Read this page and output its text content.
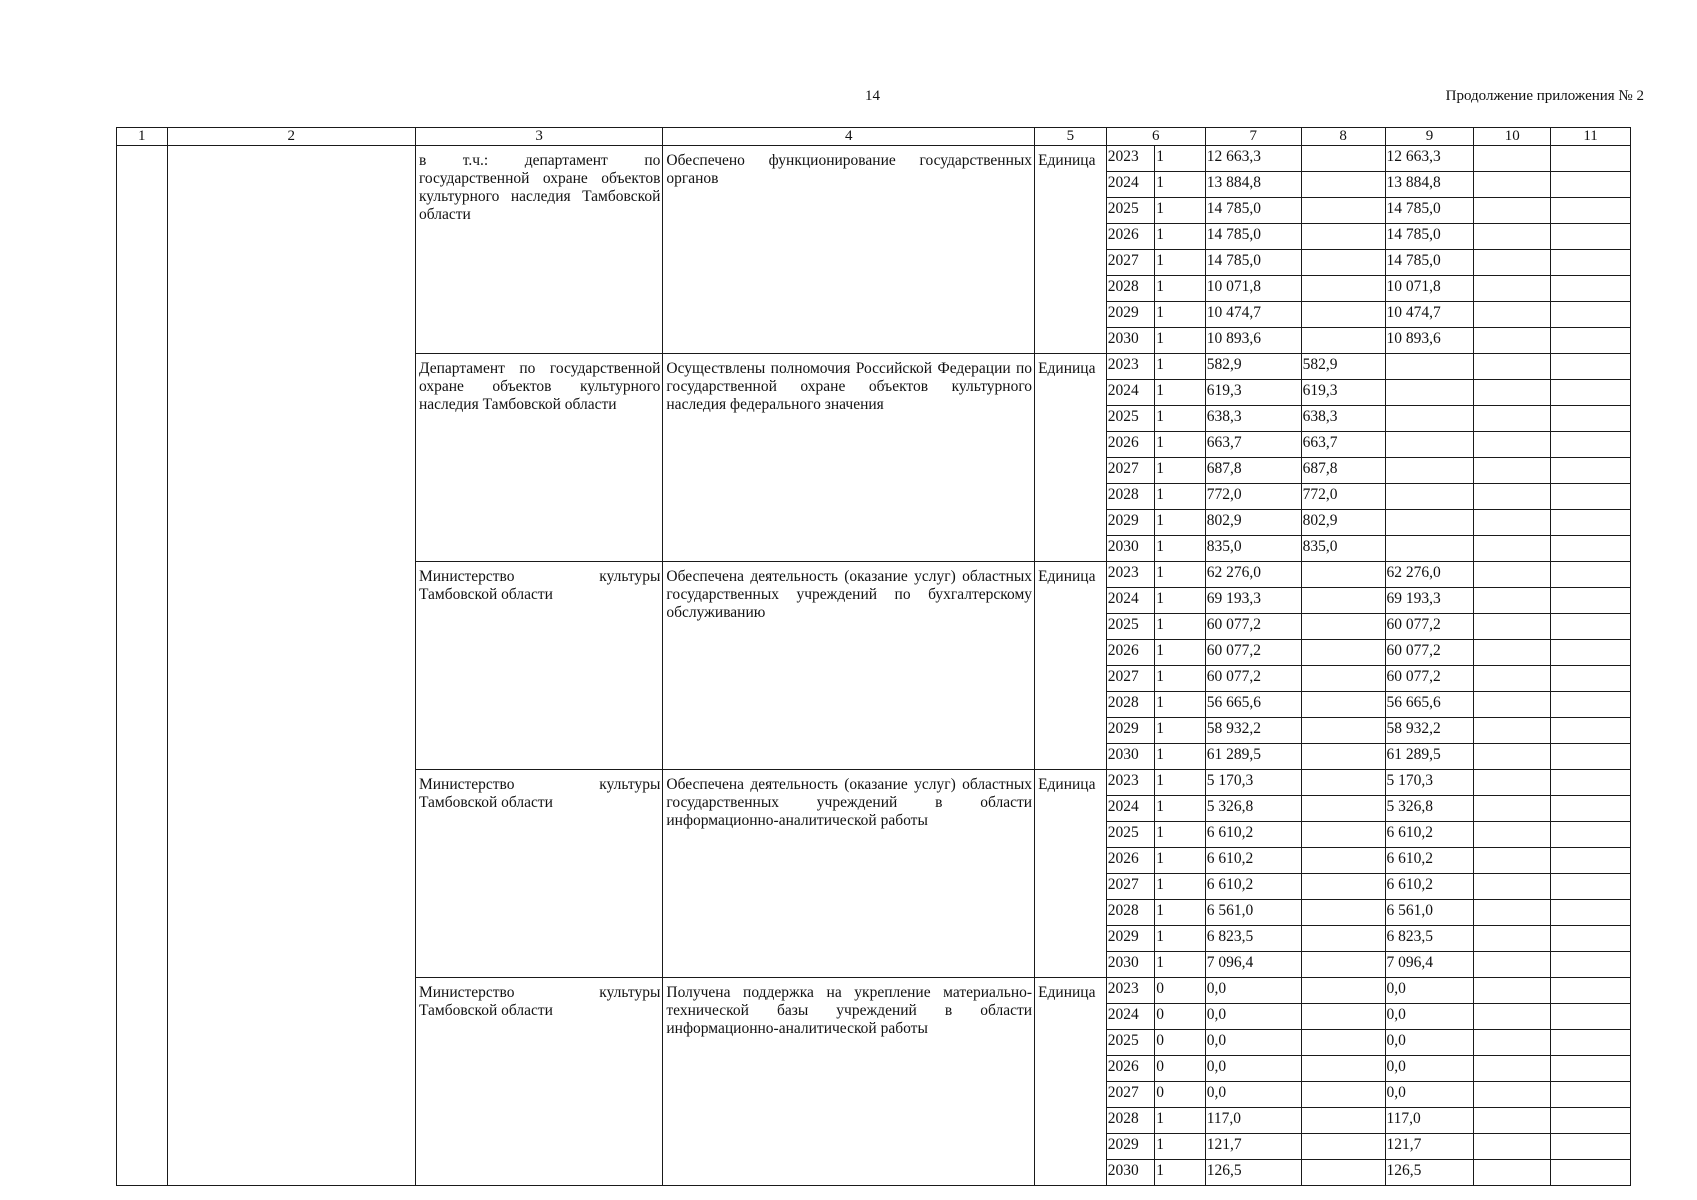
14	Продолжение приложения № 2
1	2	3	4	5	6		7	8	9	10	11
		в т.ч.: департамент по государственной охране объектов культурного наследия Тамбовской области	Обеспечено функционирование государственных органов	Единица	2023	1	12 663,3		12 663,3		
					2024	1	13 884,8		13 884,8		
					2025	1	14 785,0		14 785,0		
					2026	1	14 785,0		14 785,0		
					2027	1	14 785,0		14 785,0		
					2028	1	10 071,8		10 071,8		
					2029	1	10 474,7		10 474,7		
					2030	1	10 893,6		10 893,6		
		Департамент по государственной охране объектов культурного наследия Тамбовской области	Осуществлены полномочия Российской Федерации по государственной охране объектов культурного наследия федерального значения	Единица	2023	1	582,9	582,9			
					2024	1	619,3	619,3			
					2025	1	638,3	638,3			
					2026	1	663,7	663,7			
					2027	1	687,8	687,8			
					2028	1	772,0	772,0			
					2029	1	802,9	802,9			
					2030	1	835,0	835,0			
		Министерство культуры Тамбовской области	Обеспечена деятельность (оказание услуг) областных государственных учреждений по бухгалтерскому обслуживанию	Единица	2023	1	62 276,0		62 276,0		
					2024	1	69 193,3		69 193,3		
					2025	1	60 077,2		60 077,2		
					2026	1	60 077,2		60 077,2		
					2027	1	60 077,2		60 077,2		
					2028	1	56 665,6		56 665,6		
					2029	1	58 932,2		58 932,2		
					2030	1	61 289,5		61 289,5		
		Министерство культуры Тамбовской области	Обеспечена деятельность (оказание услуг) областных государственных учреждений в области информационно-аналитической работы	Единица	2023	1	5 170,3		5 170,3		
					2024	1	5 326,8		5 326,8		
					2025	1	6 610,2		6 610,2		
					2026	1	6 610,2		6 610,2		
					2027	1	6 610,2		6 610,2		
					2028	1	6 561,0		6 561,0		
					2029	1	6 823,5		6 823,5		
					2030	1	7 096,4		7 096,4		
		Министерство культуры Тамбовской области	Получена поддержка на укрепление материально-технической базы учреждений в области информационно-аналитической работы	Единица	2023	0	0,0		0,0		
					2024	0	0,0		0,0		
					2025	0	0,0		0,0		
					2026	0	0,0		0,0		
					2027	0	0,0		0,0		
					2028	1	117,0		117,0		
					2029	1	121,7		121,7		
					2030	1	126,5		126,5		
